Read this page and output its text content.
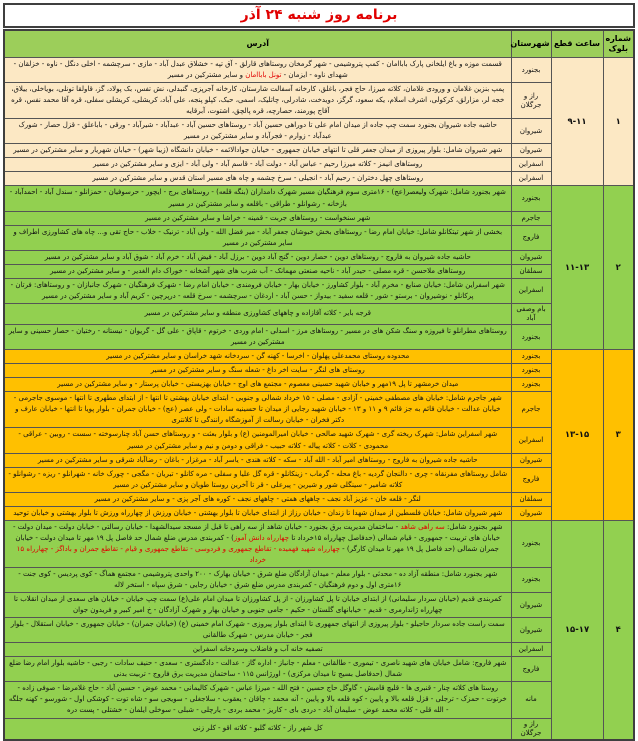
برنامه روز شنبه ۲۴ آذر
شماره بلوک	ساعت قطع	شهرستان	آدرس
۱	۹-۱۱	بجنورد	قسمت موزه و باغ ایلخانی پارک باباامان - کمپ پتروشیمی - شهر گرمخان روستاهای قارلق - آق تپه - خشلاق عبدل آباد - مازی - سرچشمه - اخلی دنگل - ناوه - خزلقان - شهدای ناوه - ایزمان - تونل باباامان و سایر مشترکین در مسیر
		راز و جرگلان	پمپ بنزین غلامان و ورودی غلامان، کلاته میرزا، حاج فجر، باغلق، کارخانه آسفالت شارستان، کارخانه آجرپزی، گنبدلی، نش تفس، بک پولاد، گز، قاولقا تونلی، بویاخلی، ییلاق، خجه لر، مزارلق، کرکولی، اشرف اسلام، یکه سعود، گرگز، دویدخت، شادرلی، چاتلیک، اسمی، حبک، کپلو پنجه، علی آباد، کریشلی، کریشلی سفلی، قره آقا محمد نفس، قره آقاج پورمند، حصارچه، قره پالچق، اشتوت، آبرقایه
		شیروان	حاشیه جاده شیروان بجنورد سمت چپ جاده از میدان امام علی تا دوراهی حسین آباد - روستاهای حسین آباد - عبدآباد - شیرآباد - ورقی - باباعلق - قزل حصار - شورک عبدآباد - زوارم - فجرآباد و سایر مشترکین در مسیر
		شیروان	شهر شیروان شامل: بلوار پیروزی از میدان جعفر قلی تا انتهای خیابان جمهوری - خیابان جوادالائمه - خیابان دانشگاه (زیبا شهر) - خیابان شهریار و سایر مشترکین در مسیر
		اسفراین	روستاهای انیمز - کلاته میرزا رحیم - عباس آباد - دولت آباد - قاسم آباد - ولی آباد - ایزی و سایر مشترکین در مسیر
		اسفراین	روستاهای چهل دختران - رحیم آباد - انجیلی - سرخ چشمه و چاه های مسیر استان قدس و سایر مشترکین در مسیر
۲	۱۱-۱۳	بجنورد	شهر بجنورد شامل: شهرک ولیعصر(عج) - ۱۶متری سوم فرهنگیان مسیر شهرک دامداران (بنگه قلعه) - روستاهای برج - ایچور - حرسوفیان - حمزانلو - سندل آباد - احمدآباد - بازخانه - رشوانلو - طراقی - باقلعه و سایر مشترکین در مسیر
		جاجرم	شهر سنخواست - روستاهای جربت - قمینه - خراشا و سایر مشترکین در مسیر
		فاروج	بخشی از شهر تیتکانلو شامل: خیابان امام رضا - روستاهای بخش خبوشان جعفر آباد - میر فضل الله - ولی آباد - ترنیک - خلاب - حاج تقی و... چاه های کشاورزی اطراف و سایر مشترکین در مسیر
		شیروان	حاشیه جاده شیروان به فاروج - روستاهای دوین - حصار دوین - گنج آباد دوین - برزل آباد - فیض آباد - خرم آباد - شوق آباد و سایر مشترکین در مسیر
		سملقان	روستاهای ملاحسن - قره مصلی - حیدر آباد - ناحیه صنعتی مهمانک - آب شرب های شهر آشخانه - خوراک دام الغدیر - و سایر مشترکین در مسیر
		اسفراین	شهر اسفراین شامل: خیابان صنایع - مخرم آباد - بلوار کشاورز - خیابان بهار - خیابان فرومندی - خیابان امام رضا - شهرک فرهنگیان - شهرک جانبازان - و روستاهای: فرتان - پرکانلو - نوشیروان - برستو - شور - قلعه سفید - بیدواز - حسن آباد - اردغان - سرچشمه - سرخ قلعه - درپرچین - کریم آباد و سایر مشترکین در مسیر
		بام وصفی آباد	قرجه بایر - کلاته آقازاده و چاههای کشاورزی منطقه و سایر مشترکین در مسیر
		بجنورد	روستاهای مطرانلو تا فیروزه و سنگ شکن های در مسیر - روستاهای مرز - اسدلی - امام وردی - خرتوم - قاپاق - علی گل - گریوان - نیستانه - رختیان - حصار حسینی و سایر مشترکین در مسیر
۳	۱۳-۱۵	بجنورد	محدوده روستای محمدعلی پهلوان - اخرسا - کهنه گن - سردخانه شهد خراسان و سایر مشترکین در مسیر
		بجنورد	روستای های لنگر - سایت اخر داغ - شعله سنگ و سایر مشترکین در مسیر
		بجنورد	میدان خرمشهر تا پل ۱۹مهر و خیابان شهید حسینی معصوم - مجتمع های اوج - خیابان بهزیستی - خیابان پرستار - و سایر مشترکین در مسیر
		جاجرم	شهر جاجرم شامل: خیابان های مصطفی خمینی - آزادی - مصلی - ۱۵ خرداد شمالی و جنوبی - ابتدای خیابان بهشتی تا انتها - از ابتدای مطهری تا انتها - موسوی جاجرمی - خیابان عدالت - خیابان قائم به جز قائم ۹ و ۱۱ و ۱۳ - خیابان شهید رجایی از میدان تا حسینیه سادات - ولی عصر (عج) - خیابان جمران - بلوار پویا تا انتها - خیابان عارف و دکتر فخران - خیابان رسالت از آموزشگاه رانندگی تا کلانتری
		اسفراین	شهر اسفراین شامل: شهرک ریخته گری - شهرک شهید صالحی - خیابان امیرالمومنین (ع) و بلوار بعثت - و روستاهای حسن آباد چنارسوخته - سست - روبین - عراقی - محمودی - کلات - کلاته پیاله - کلاته حبیب - فراقی و دومن و نیم و سایر مشترکین در مسیر
		شیروان	حاشیه جاده شیروان به فاروج - روستاهای امیر آباد - الله آباد - سکه - کلاته هندی - یاسر آباد - مرغزار - باغان - رضاآباد شرقی و سایر مشترکین در مسیر
		فاروج	شامل روستاهای مفرنقاه - چری - دالنجان گردیه - باغ محله - گرماب - زینکانلو - قره گل علیا و سفلی - مره کانلو - تبریان - مگجی - چورک خانه - شهرانلو - ریزه - رشوانلو - کلاته شامیر - سینگلی شور و شیرین - پیرعلی - قر تا آخرین روستا طویان و سایر مشترکین در مسیر
		سملقان	لنگر - قلعه خان - عزیز آباد نجف - چاههای همتی - چاههای نجف - کوره های آجر پزی - و سایر مشترکین در مسیر
		شیروان	شهر شیروان شامل: خیابان فلسطین از میدان شهدا تا زندان - خیابان رزاز از ابتدای خیابان تا بلوار بهشتی - خیابان ورزش از چهارراه ورزش تا بلوار بهشتی و خیابان توحید
۴	۱۵-۱۷	بجنورد	شهر بجنورد شامل: سه راهی شاهد - ساختمان مدیریت برق بجنورد - خیابان شاهد از سه راهی تا قبل از مسجد سیدالشهدا - خیابان رسالتی - خیابان دولت - میدان دولت - خیابان های تربیت - جمهوری - قیام شمالی (حدفاصل چهارراه ۱۵خرداد تا چهارراه دانش آموز) - کمربندی مدرس ضلع شمال حد فاصل پل ۱۹ مهر تا میدان دولت - خیابان جمران شمالی (حد فاصل پل ۱۹ مهر تا میدان کارگر) - چهارراه شهید فهمیده - تقاطع جمهوری و فردوسی - تقاطع جمهوری و قیام - تقاطع جمران و باداگز - چهارراه ۱۵ خرداد
		بجنورد	شهر بجنورد شامل: منطقه آزاد ده - محدثی - بلوار معلم - میدان آزادگان ضلع شرق - خیابان بهارک - ۲۰۰ واحدی پتروشیمی - مجتمع هماگ - کوی پردیس - کوی جنت - ۱۶متری اول و دوم فرهنگیان - کمربندی مدرس ضلع شرق - خیابان رجایی - شرق سپاه - استخر لاله
		شیروان	کمربندی قدیم (خیابان سردار سلیمانی) از ابتدای خیابان تا پل کشاورزان - از پل کشاورزان تا میدان امام علی(ع) سمت چپ خیابان - خیابان های سعدی از میدان انقلاب تا چهارراه ژاندارمری - قدیم - خیابانهای گلستان - حکیم - جامی جنوبی و خیابان بهار و شهرک آزادگان - خ امیر کبیر و فریدون جوان
		شیروان	سمت راست جاده سردار حاجیلو - بلوار پیروزی از انتهای جمهوری تا ابتدای بلوار پیروزی - شهرک امام خمینی (ع) (خیابان جمران) - خیابان جمهوری - خیابان استقلال - بلوار فجر - خیابان مدرس - شهرک طالقانی
		اسفراین	تصفیه خانه آب و فاضلاب وسردخانه اسفراین
		فاروج	شهر فاروج: شامل خیابان های شهید ناصری - تیموری - طالقانی - معلم - جانباز - اداره گاز - عدالت - دادگستری - سعدی - حنیف سادات - رجبی - حاشیه بلوار امام رضا ضلع شمال (حدفاصل بسیج تا میدان مرکزی) - اورژانس ۱۱۵ - ساختمان مدیریت برق فاروج - تربیت بدنی
		مانه	روستا های کلاته چنار - قنبری ها - قلیچ قامیش - گاوگل حاج حسین - فتح الله - میرزا عباس - شهرک کالیمانی - محمد عوض - حسین آباد - حاج غلامرضا - صوفی زاده - خرتوت - حمزک - ترجلی - قزل قلعه بالا و پایین - کوه قلعه بالا و پایین - آنه محمد - چاقان - یعقوب - سلاجغلی - سویجی سو - شاه توت - کوشکی اول - شورسو - کهنه جلگه - الله قلی - کلاته محمد عوض - سلیمان آباد - دردی بای - کاریز - محمد بردی - یارچلی - شبلی - سوخلی ایلمان - خشتلی - پست دره
		راز و جرگلان	کل شهر راز - کلاته گلبو - کلاته اقو - کلر زنی
